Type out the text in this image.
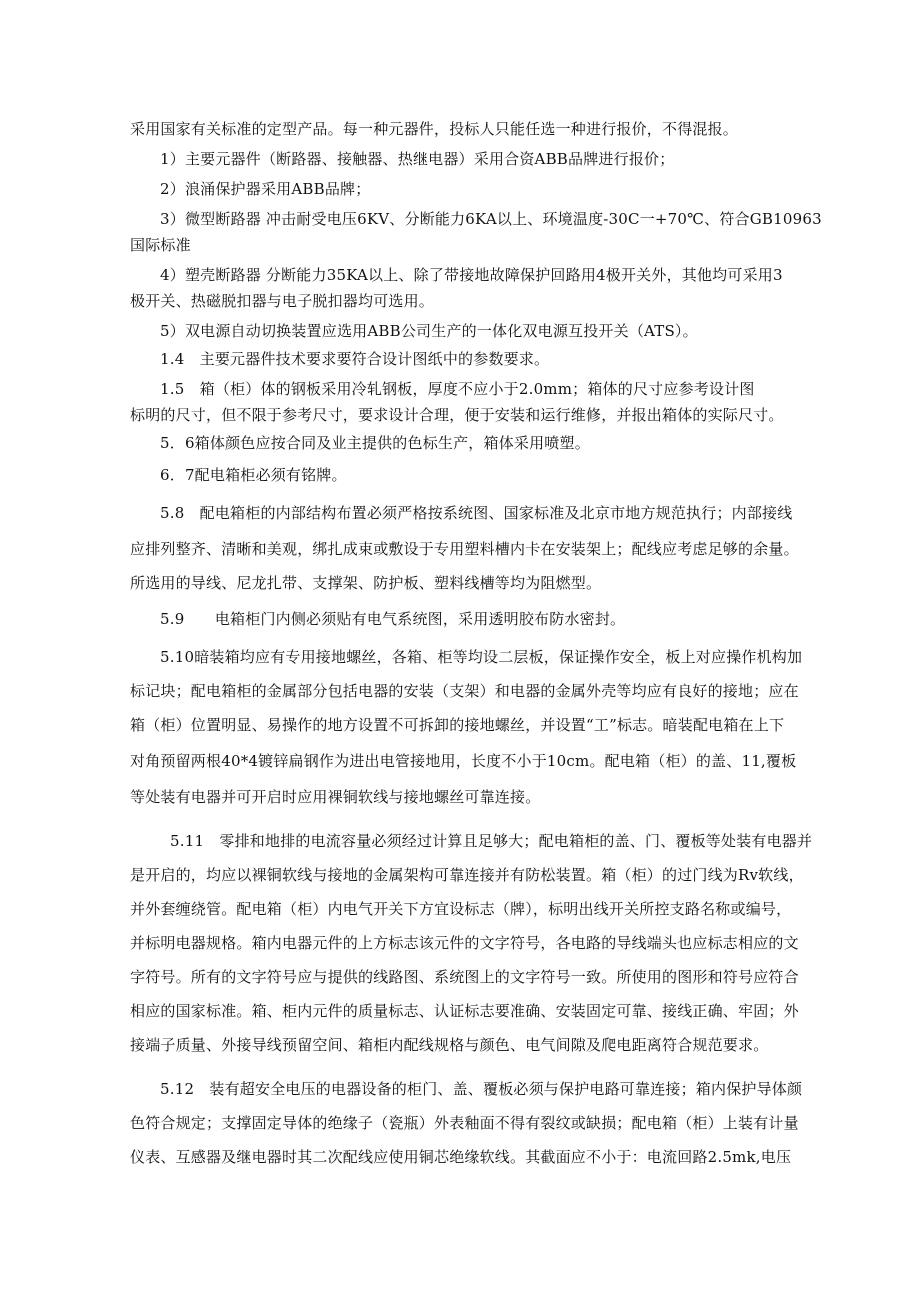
采用国家有关标准的定型产品。每一种元器件，投标人只能任选一种进行报价，不得混报。
1）主要元器件（断路器、接触器、热继电器）采用合资ABB品牌进行报价；
2）浪涌保护器采用ABB品牌；
3）微型断路器 冲击耐受电压6KV、分断能力6KA以上、环境温度-30C一+70℃、符合GB10963
国际标准
4）塑壳断路器 分断能力35KA以上、除了带接地故障保护回路用4极开关外，其他均可采用3
极开关、热磁脱扣器与电子脱扣器均可选用。
5）双电源自动切换装置应选用ABB公司生产的一体化双电源互投开关（ATS）。
1.4　主要元器件技术要求要符合设计图纸中的参数要求。
1.5　箱（柜）体的钢板采用冷轧钢板，厚度不应小于2.0mm；箱体的尺寸应参考设计图
标明的尺寸，但不限于参考尺寸，要求设计合理，便于安装和运行维修，并报出箱体的实际尺寸。
5．6箱体颜色应按合同及业主提供的色标生产，箱体采用喷塑。
6．7配电箱柜必须有铭牌。
5.8　配电箱柜的内部结构布置必须严格按系统图、国家标准及北京市地方规范执行；内部接线
应排列整齐、清晰和美观，绑扎成束或敷设于专用塑料槽内卡在安装架上；配线应考虑足够的余量。
所选用的导线、尼龙扎带、支撑架、防护板、塑料线槽等均为阻燃型。
5.9　　电箱柜门内侧必须贴有电气系统图，采用透明胶布防水密封。
5.10暗装箱均应有专用接地螺丝，各箱、柜等均设二层板，保证操作安全，板上对应操作机构加
标记块；配电箱柜的金属部分包括电器的安装（支架）和电器的金属外壳等均应有良好的接地；应在
箱（柜）位置明显、易操作的地方设置不可拆卸的接地螺丝，并设置“工”标志。暗装配电箱在上下
对角预留两根40*4镀锌扁钢作为进出电管接地用，长度不小于10cm。配电箱（柜）的盖、11,覆板
等处装有电器并可开启时应用裸铜软线与接地螺丝可靠连接。
5.11　零排和地排的电流容量必须经过计算且足够大；配电箱柜的盖、门、覆板等处装有电器并
是开启的，均应以裸铜软线与接地的金属架构可靠连接并有防松装置。箱（柜）的过门线为Rv软线，
并外套缠绕管。配电箱（柜）内电气开关下方宜设标志（牌），标明出线开关所控支路名称或编号，
并标明电器规格。箱内电器元件的上方标志该元件的文字符号，各电路的导线端头也应标志相应的文
字符号。所有的文字符号应与提供的线路图、系统图上的文字符号一致。所使用的图形和符号应符合
相应的国家标准。箱、柜内元件的质量标志、认证标志要准确、安装固定可靠、接线正确、牢固；外
接端子质量、外接导线预留空间、箱柜内配线规格与颜色、电气间隙及爬电距离符合规范要求。
5.12　装有超安全电压的电器设备的柜门、盖、覆板必须与保护电路可靠连接；箱内保护导体颜
色符合规定；支撑固定导体的绝缘子（瓷瓶）外表釉面不得有裂纹或缺损；配电箱（柜）上装有计量
仪表、互感器及继电器时其二次配线应使用铜芯绝缘软线。其截面应不小于：电流回路2.5mk,电压
